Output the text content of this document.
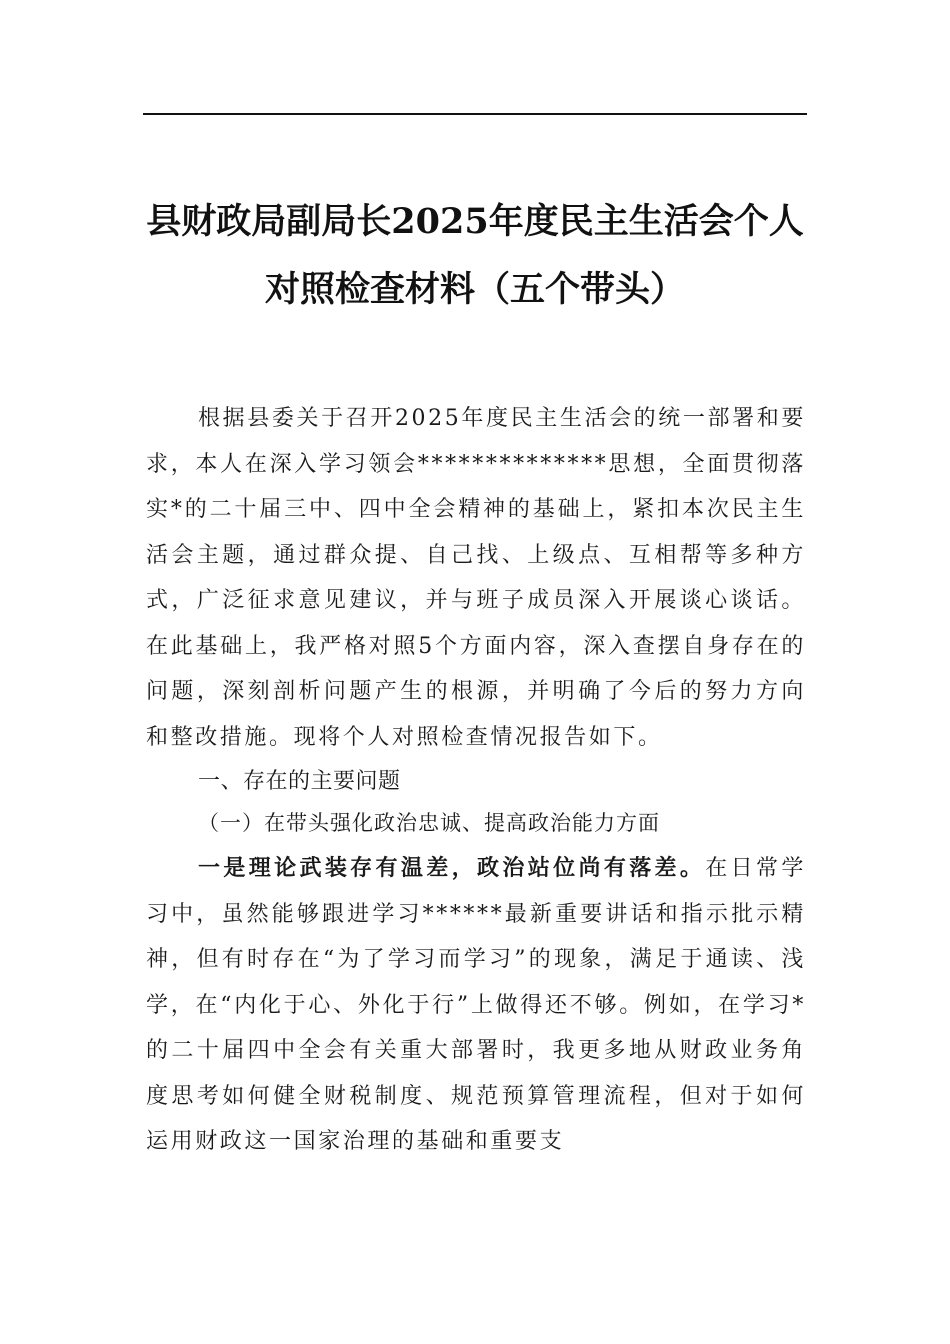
县财政局副局长2025年度民主生活会个人
对照检查材料（五个带头）

根据县委关于召开2025年度民主生活会的统一部署和要求，本人在深入学习领会**************思想，全面贯彻落实*的二十届三中、四中全会精神的基础上，紧扣本次民主生活会主题，通过群众提、自己找、上级点、互相帮等多种方式，广泛征求意见建议，并与班子成员深入开展谈心谈话。在此基础上，我严格对照5个方面内容，深入查摆自身存在的问题，深刻剖析问题产生的根源，并明确了今后的努力方向和整改措施。现将个人对照检查情况报告如下。

一、存在的主要问题

（一）在带头强化政治忠诚、提高政治能力方面

一是理论武装存有温差，政治站位尚有落差。在日常学习中，虽然能够跟进学习******最新重要讲话和指示批示精神，但有时存在“为了学习而学习”的现象，满足于通读、浅学，在“内化于心、外化于行”上做得还不够。例如，在学习*的二十届四中全会有关重大部署时，我更多地从财政业务角度思考如何健全财税制度、规范预算管理流程，但对于如何运用财政这一国家治理的基础和重要支
